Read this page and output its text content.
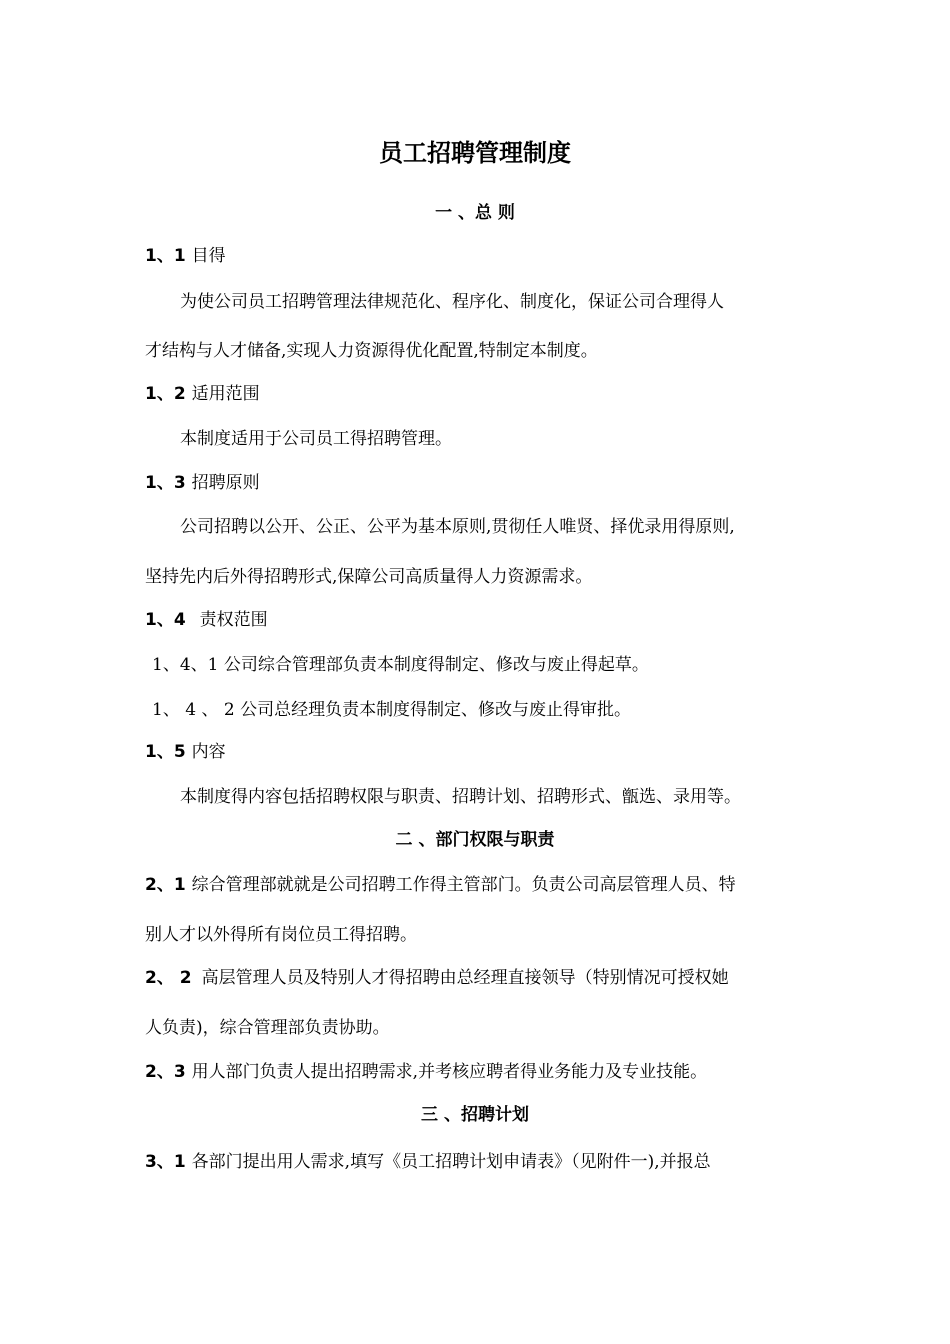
员工招聘管理制度
一 、总 则
1、1 目得
为使公司员工招聘管理法律规范化、程序化、制度化，保证公司合理得人
才结构与人才储备,实现人力资源得优化配置,特制定本制度。
1、2 适用范围
本制度适用于公司员工得招聘管理。
1、3 招聘原则
公司招聘以公开、公正、公平为基本原则,贯彻任人唯贤、择优录用得原则,
坚持先内后外得招聘形式,保障公司高质量得人力资源需求。
1、4 责权范围
1、4、1 公司综合管理部负责本制度得制定、修改与废止得起草。
1、 4 、 2 公司总经理负责本制度得制定、修改与废止得审批。
1、5 内容
本制度得内容包括招聘权限与职责、招聘计划、招聘形式、甑选、录用等。
二 、部门权限与职责
2、1 综合管理部就就是公司招聘工作得主管部门。负责公司高层管理人员、特
别人才以外得所有岗位员工得招聘。
2、 2 高层管理人员及特别人才得招聘由总经理直接领导（特别情况可授权她
人负责)，综合管理部负责协助。
2、3 用人部门负责人提出招聘需求,并考核应聘者得业务能力及专业技能。
三 、招聘计划
3、1 各部门提出用人需求,填写《员工招聘计划申请表》（见附件一),并报总
